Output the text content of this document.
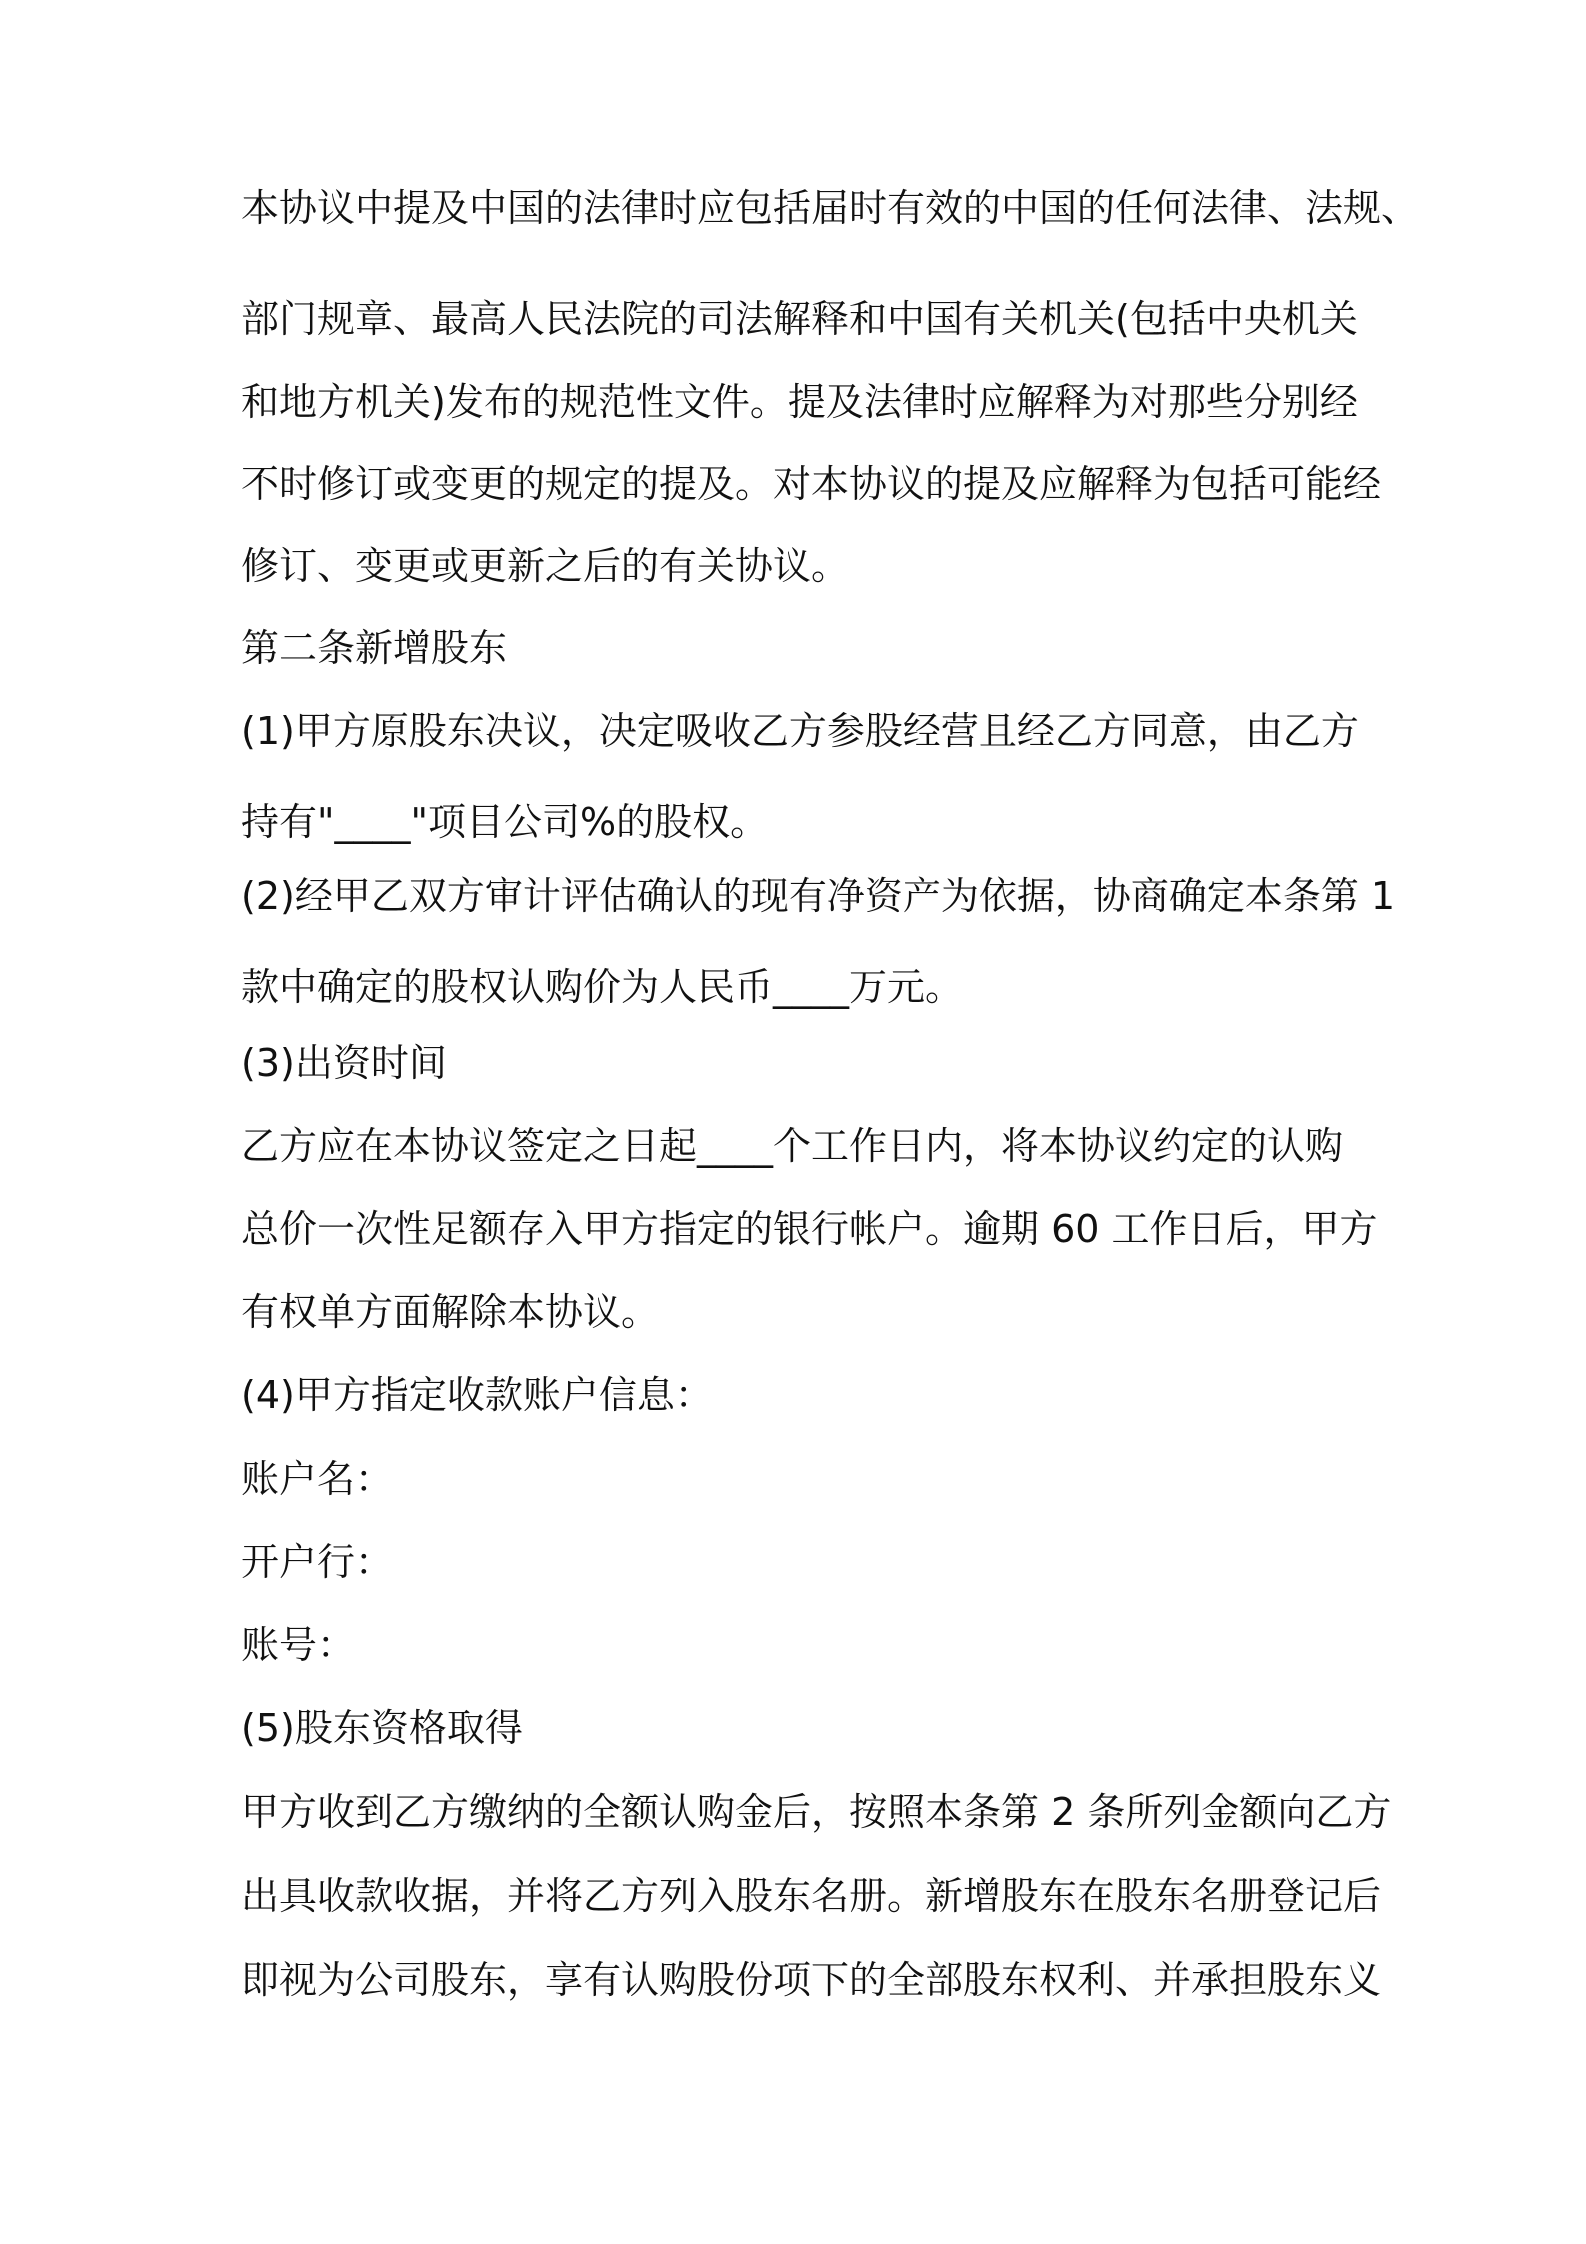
本协议中提及中国的法律时应包括届时有效的中国的任何法律、法规、

部门规章、最高人民法院的司法解释和中国有关机关(包括中央机关

和地方机关)发布的规范性文件。提及法律时应解释为对那些分别经

不时修订或变更的规定的提及。对本协议的提及应解释为包括可能经

修订、变更或更新之后的有关协议。

第二条新增股东

(1)甲方原股东决议，决定吸收乙方参股经营且经乙方同意，由乙方

持有"____"项目公司%的股权。

(2)经甲乙双方审计评估确认的现有净资产为依据，协商确定本条第 1

款中确定的股权认购价为人民币____万元。

(3)出资时间

乙方应在本协议签定之日起____个工作日内，将本协议约定的认购

总价一次性足额存入甲方指定的银行帐户。逾期 60 工作日后，甲方

有权单方面解除本协议。

(4)甲方指定收款账户信息：

账户名：

开户行：

账号：

(5)股东资格取得

甲方收到乙方缴纳的全额认购金后，按照本条第 2 条所列金额向乙方

出具收款收据，并将乙方列入股东名册。新增股东在股东名册登记后

即视为公司股东，享有认购股份项下的全部股东权利、并承担股东义
